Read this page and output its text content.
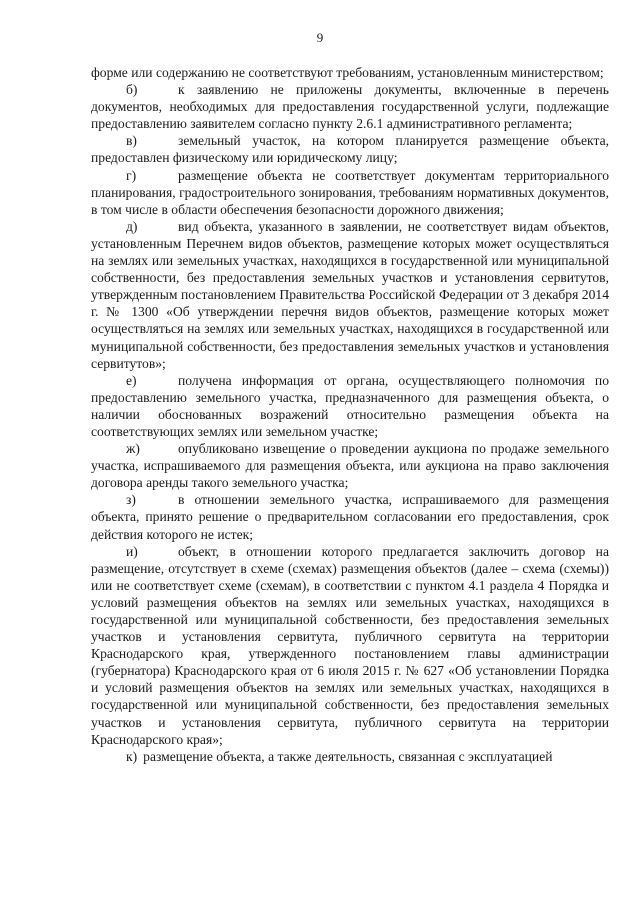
9

форме или содержанию не соответствуют требованиям, установленным министерством;

б)	к заявлению не приложены документы, включенные в перечень документов, необходимых для предоставления государственной услуги, подлежащие предоставлению заявителем согласно пункту 2.6.1 административного регламента;

в)	земельный участок, на котором планируется размещение объекта, предоставлен физическому или юридическому лицу;

г)	размещение объекта не соответствует документам территориального планирования, градостроительного зонирования, требованиям нормативных документов, в том числе в области обеспечения безопасности дорожного движения;

д)	вид объекта, указанного в заявлении, не соответствует видам объектов, установленным Перечнем видов объектов, размещение которых может осуществляться на землях или земельных участках, находящихся в государственной или муниципальной собственности, без предоставления земельных участков и установления сервитутов, утвержденным постановлением Правительства Российской Федерации от 3 декабря 2014 г. № 1300 «Об утверждении перечня видов объектов, размещение которых может осуществляться на землях или земельных участках, находящихся в государственной или муниципальной собственности, без предоставления земельных участков и установления сервитутов»;

е)	получена информация от органа, осуществляющего полномочия по предоставлению земельного участка, предназначенного для размещения объекта, о наличии обоснованных возражений относительно размещения объекта на соответствующих землях или земельном участке;

ж)	опубликовано извещение о проведении аукциона по продаже земельного участка, испрашиваемого для размещения объекта, или аукциона на право заключения договора аренды такого земельного участка;

з)	в отношении земельного участка, испрашиваемого для размещения объекта, принято решение о предварительном согласовании его предоставления, срок действия которого не истек;

и)	объект, в отношении которого предлагается заключить договор на размещение, отсутствует в схеме (схемах) размещения объектов (далее – схема (схемы)) или не соответствует схеме (схемам), в соответствии с пунктом 4.1 раздела 4 Порядка и условий размещения объектов на землях или земельных участках, находящихся в государственной или муниципальной собственности, без предоставления земельных участков и установления сервитута, публичного сервитута на территории Краснодарского края, утвержденного постановлением главы администрации (губернатора) Краснодарского края от 6 июля 2015 г. № 627 «Об установлении Порядка и условий размещения объектов на землях или земельных участках, находящихся в государственной или муниципальной собственности, без предоставления земельных участков и установления сервитута, публичного сервитута на территории Краснодарского края»;

к) размещение объекта, а также деятельность, связанная с эксплуатацией
